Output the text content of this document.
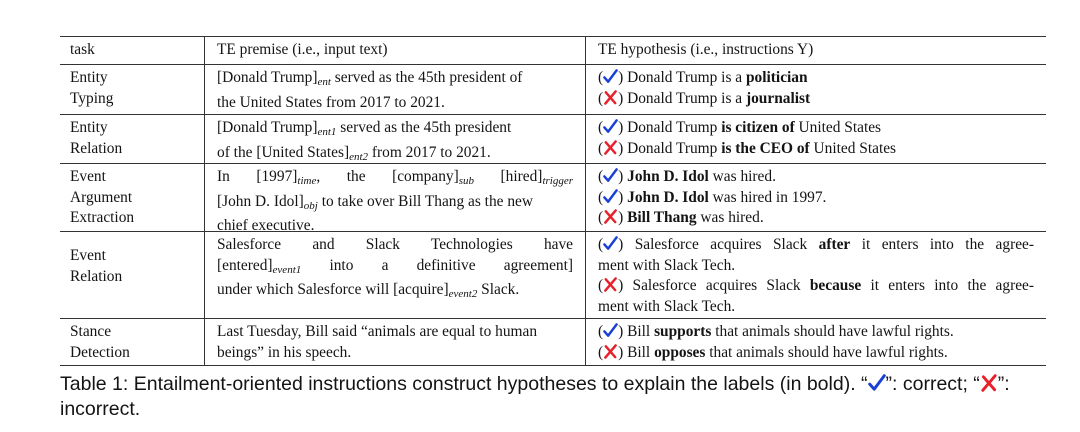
task	TE premise (i.e., input text)	TE hypothesis (i.e., instructions Y)
Entity
Typing
[Donald $Trump]_{ent}$ served as the 45th president of
the United States from 2017 to 2021.
( ) Donald Trump is a politician
( ) Donald Trump is a journalist
Entity
Relation
[Donald $Trump]_{ent1}$ served as the 45th president
of the [United $States]_{ent2}$ from 2017 to 2021.
( ) Donald Trump is citizen of United States
( ) Donald Trump is the CEO of United States
Event
Argument
Extraction
In $[1997]_{time}$, the $[company]_{sub}$ $[hired]_{trigger}$
[John D. $Idol]_{obj}$ to take over Bill Thang as the new
chief executive.
( ) John D. Idol was hired.
( ) John D. Idol was hired in 1997.
( ) Bill Thang was hired.
Event
Relation
Salesforce and Slack Technologies have
$[entered]_{event1}$ into a definitive agreement]
under which Salesforce will $[acquire]_{event2}$ Slack.
( ) Salesforce acquires Slack after it enters into the agree-
ment with Slack Tech.
( ) Salesforce acquires Slack because it enters into the agree-
ment with Slack Tech.
Stance
Detection
Last Tuesday, Bill said “animals are equal to human
beings” in his speech.
( ) Bill supports that animals should have lawful rights.
( ) Bill opposes that animals should have lawful rights.
Table 1: Entailment-oriented instructions construct hypotheses to explain the labels (in bold). “ ”: correct; “ ”:
incorrect.
